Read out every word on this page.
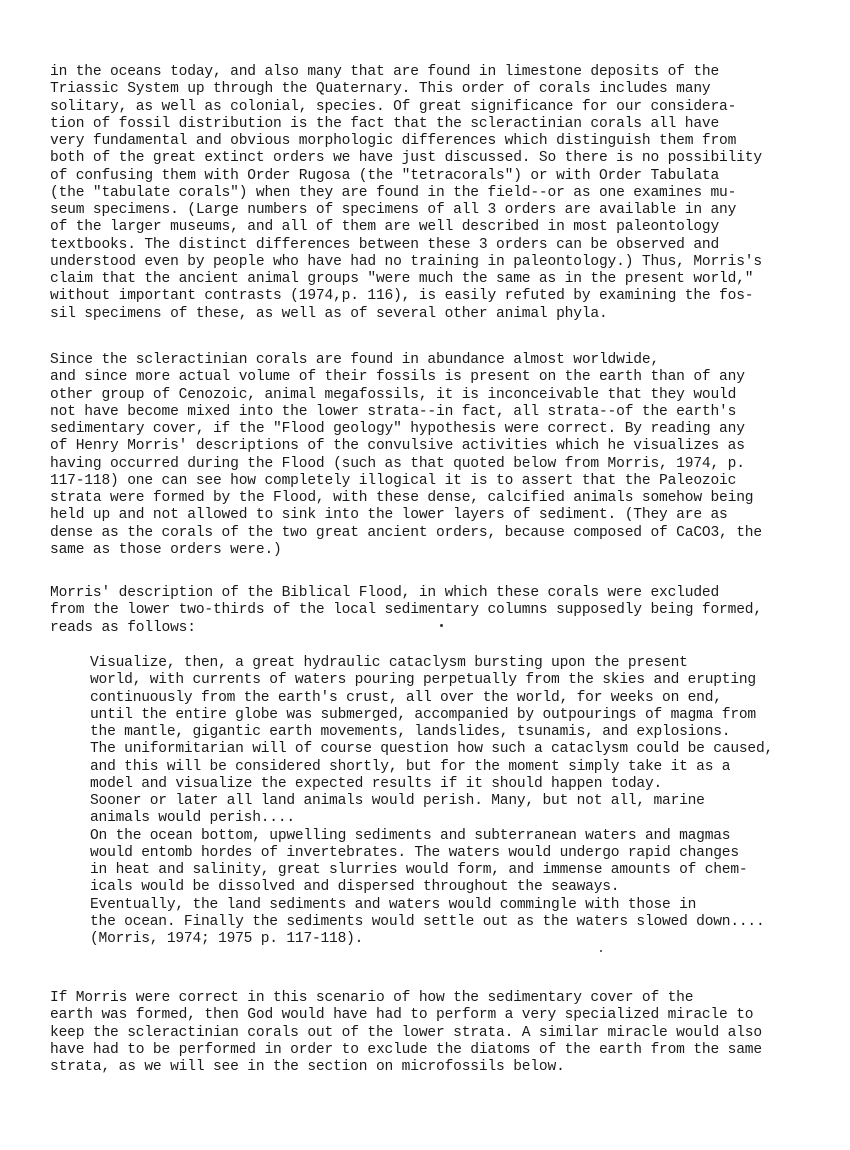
in the oceans today, and also many that are found in limestone deposits of the
Triassic System up through the Quaternary. This order of corals includes many
solitary, as well as colonial, species. Of great significance for our considera-
tion of fossil distribution is the fact that the scleractinian corals all have
very fundamental and obvious morphologic differences which distinguish them from
both of the great extinct orders we have just discussed. So there is no possibility
of confusing them with Order Rugosa (the "tetracorals") or with Order Tabulata
(the "tabulate corals") when they are found in the field--or as one examines mu-
seum specimens. (Large numbers of specimens of all 3 orders are available in any
of the larger museums, and all of them are well described in most paleontology
textbooks. The distinct differences between these 3 orders can be observed and
understood even by people who have had no training in paleontology.) Thus, Morris's
claim that the ancient animal groups "were much the same as in the present world,"
without important contrasts (1974,p. 116), is easily refuted by examining the fos-
sil specimens of these, as well as of several other animal phyla.
Since the scleractinian corals are found in abundance almost worldwide,
and since more actual volume of their fossils is present on the earth than of any
other group of Cenozoic, animal megafossils, it is inconceivable that they would
not have become mixed into the lower strata--in fact, all strata--of the earth's
sedimentary cover, if the "Flood geology" hypothesis were correct. By reading any
of Henry Morris' descriptions of the convulsive activities which he visualizes as
having occurred during the Flood (such as that quoted below from Morris, 1974, p.
117-118) one can see how completely illogical it is to assert that the Paleozoic
strata were formed by the Flood, with these dense, calcified animals somehow being
held up and not allowed to sink into the lower layers of sediment. (They are as
dense as the corals of the two great ancient orders, because composed of CaCO3, the
same as those orders were.)
Morris' description of the Biblical Flood, in which these corals were excluded
from the lower two-thirds of the local sedimentary columns supposedly being formed,
reads as follows:
Visualize, then, a great hydraulic cataclysm bursting upon the present
world, with currents of waters pouring perpetually from the skies and erupting
continuously from the earth's crust, all over the world, for weeks on end,
until the entire globe was submerged, accompanied by outpourings of magma from
the mantle, gigantic earth movements, landslides, tsunamis, and explosions.
The uniformitarian will of course question how such a cataclysm could be caused,
and this will be considered shortly, but for the moment simply take it as a
model and visualize the expected results if it should happen today.
Sooner or later all land animals would perish. Many, but not all, marine
animals would perish....
On the ocean bottom, upwelling sediments and subterranean waters and magmas
would entomb hordes of invertebrates. The waters would undergo rapid changes
in heat and salinity, great slurries would form, and immense amounts of chem-
icals would be dissolved and dispersed throughout the seaways.
Eventually, the land sediments and waters would commingle with those in
the ocean. Finally the sediments would settle out as the waters slowed down....
(Morris, 1974; 1975 p. 117-118).
If Morris were correct in this scenario of how the sedimentary cover of the
earth was formed, then God would have had to perform a very specialized miracle to
keep the scleractinian corals out of the lower strata. A similar miracle would also
have had to be performed in order to exclude the diatoms of the earth from the same
strata, as we will see in the section on microfossils below.
